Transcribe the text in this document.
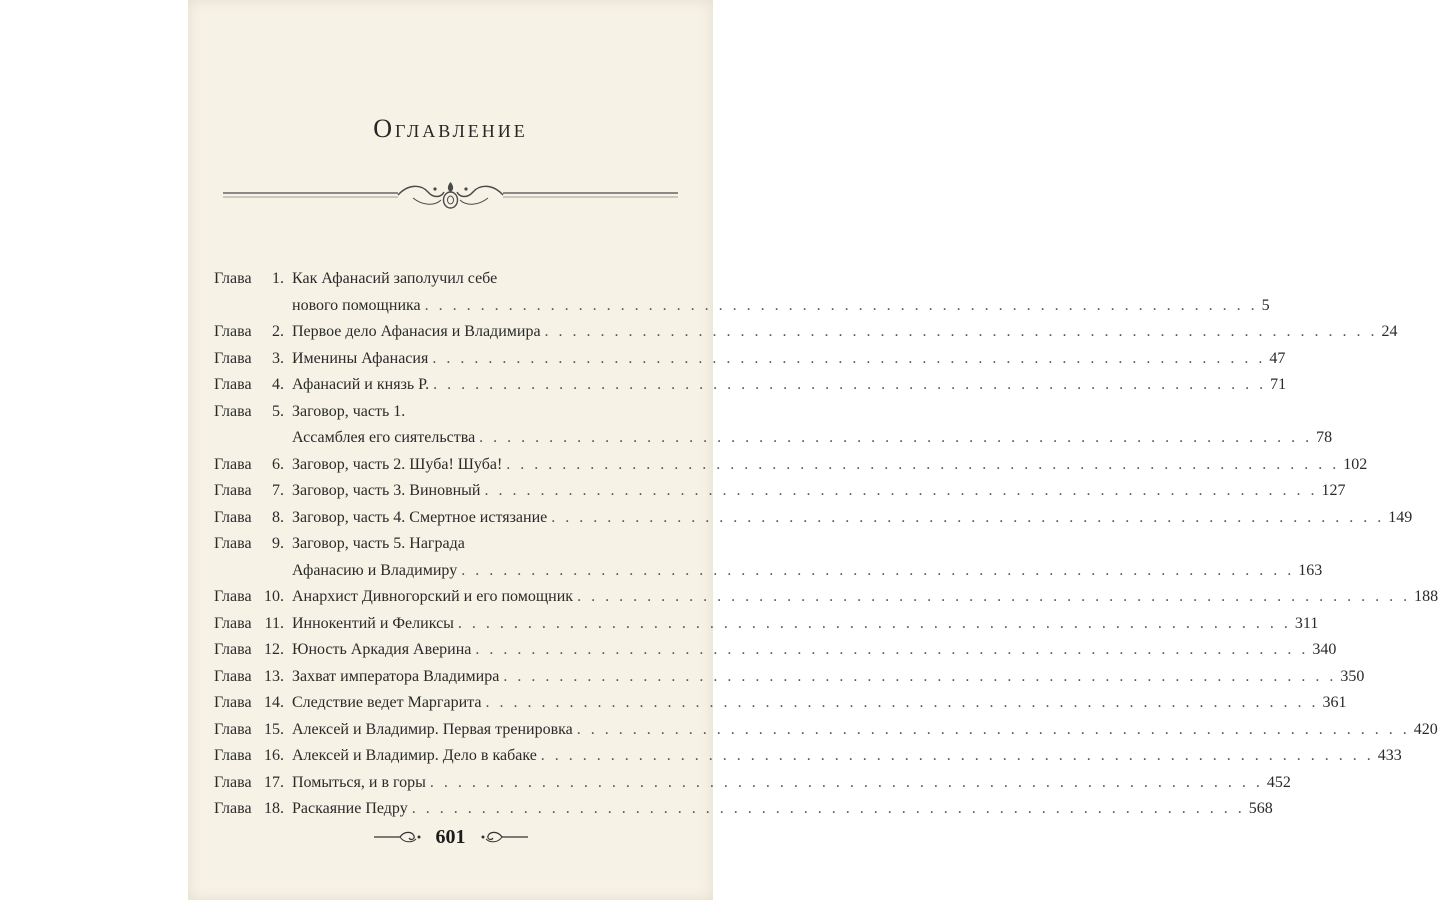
Оглавление
Глава	1. Как Афанасий заполучил себе
нового помощника . . . . . . . . . . . . . . . . . . . . . . . . . . . . . . . . . . . . . . . . . . . . . . . . . . . . . . . . . . . . 5
Глава	2. Первое дело Афанасия и Владимира . . . . . . . . . . . . . . . . . . . . . . . . . . . . . . . . . . . . . . . . . . . . . . . . . . . . . . . . . . . . 24
Глава	3. Именины Афанасия . . . . . . . . . . . . . . . . . . . . . . . . . . . . . . . . . . . . . . . . . . . . . . . . . . . . . . . . . . . . 47
Глава	4. Афанасий и князь Р. . . . . . . . . . . . . . . . . . . . . . . . . . . . . . . . . . . . . . . . . . . . . . . . . . . . . . . . . . . . . 71
Глава	5. Заговор, часть 1.
Ассамблея его сиятельства . . . . . . . . . . . . . . . . . . . . . . . . . . . . . . . . . . . . . . . . . . . . . . . . . . . . . . . . . . . . 78
Глава	6. Заговор, часть 2. Шуба! Шуба! . . . . . . . . . . . . . . . . . . . . . . . . . . . . . . . . . . . . . . . . . . . . . . . . . . . . . . . . . . . . 102
Глава	7. Заговор, часть 3. Виновный . . . . . . . . . . . . . . . . . . . . . . . . . . . . . . . . . . . . . . . . . . . . . . . . . . . . . . . . . . . . 127
Глава	8. Заговор, часть 4. Смертное истязание . . . . . . . . . . . . . . . . . . . . . . . . . . . . . . . . . . . . . . . . . . . . . . . . . . . . . . . . . . . . 149
Глава	9. Заговор, часть 5. Награда
Афанасию и Владимиру . . . . . . . . . . . . . . . . . . . . . . . . . . . . . . . . . . . . . . . . . . . . . . . . . . . . . . . . . . . . 163
Глава 10. Анархист Дивногорский и его помощник . . . . . . . . . . . . . . . . . . . . . . . . . . . . . . . . . . . . . . . . . . . . . . . . . . . . . . . . . . . . 188
Глава 11. Иннокентий и Феликсы . . . . . . . . . . . . . . . . . . . . . . . . . . . . . . . . . . . . . . . . . . . . . . . . . . . . . . . . . . . . 311
Глава 12. Юность Аркадия Аверина . . . . . . . . . . . . . . . . . . . . . . . . . . . . . . . . . . . . . . . . . . . . . . . . . . . . . . . . . . . . 340
Глава 13. Захват императора Владимира . . . . . . . . . . . . . . . . . . . . . . . . . . . . . . . . . . . . . . . . . . . . . . . . . . . . . . . . . . . . 350
Глава 14. Следствие ведет Маргарита . . . . . . . . . . . . . . . . . . . . . . . . . . . . . . . . . . . . . . . . . . . . . . . . . . . . . . . . . . . . 361
Глава 15. Алексей и Владимир. Первая тренировка . . . . . . . . . . . . . . . . . . . . . . . . . . . . . . . . . . . . . . . . . . . . . . . . . . . . . . . . . . . . 420
Глава 16. Алексей и Владимир. Дело в кабаке . . . . . . . . . . . . . . . . . . . . . . . . . . . . . . . . . . . . . . . . . . . . . . . . . . . . . . . . . . . . 433
Глава 17. Помыться, и в горы . . . . . . . . . . . . . . . . . . . . . . . . . . . . . . . . . . . . . . . . . . . . . . . . . . . . . . . . . . . . 452
Глава 18. Раскаяние Педру . . . . . . . . . . . . . . . . . . . . . . . . . . . . . . . . . . . . . . . . . . . . . . . . . . . . . . . . . . . . 568
601
